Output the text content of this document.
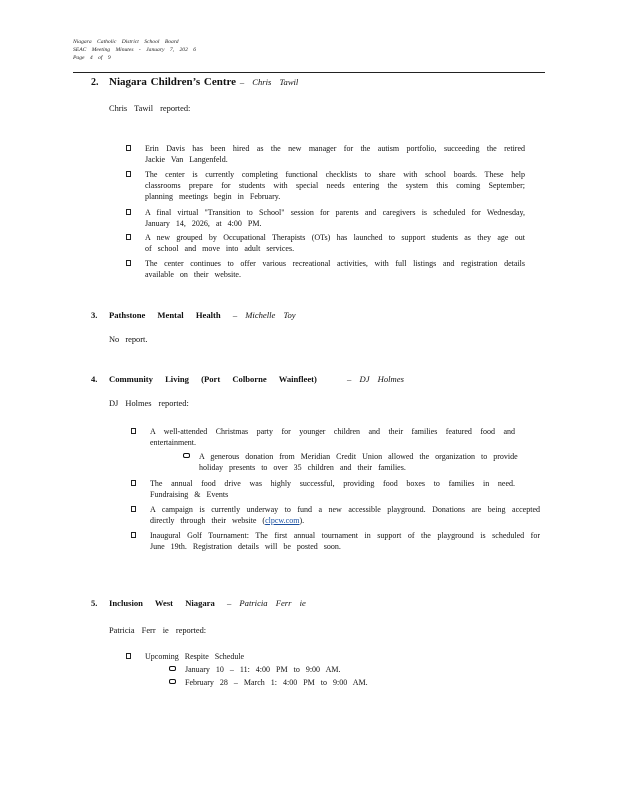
Niagara Catholic District School Board
SEAC Meeting Minutes - January 7, 202 6
Page 4 of 9
2. Niagara Children’s Centre – Chris Tawil
Chris Tawil reported:
Erin Davis has been hired as the new manager for the autism portfolio, succeeding the retired Jackie Van Langenfeld.
The center is currently completing functional checklists to share with school boards. These help classrooms prepare for students with special needs entering the system this coming September; planning meetings begin in February.
A final virtual "Transition to School" session for parents and caregivers is scheduled for Wednesday, January 14, 2026, at 4:00 PM.
A new grouped by Occupational Therapists (OTs) has launched to support students as they age out of school and move into adult services.
The center continues to offer various recreational activities, with full listings and registration details available on their website.
3. Pathstone Mental Health – Michelle Toy
No report.
4. Community Living (Port Colborne Wainfleet)	– DJ Holmes
DJ Holmes reported:
A well-attended Christmas party for younger children and their families featured food and entertainment.
A generous donation from Meridian Credit Union allowed the organization to provide holiday presents to over 35 children and their families.
The annual food drive was highly successful, providing food boxes to families in need. Fundraising & Events
A campaign is currently underway to fund a new accessible playground. Donations are being accepted directly through their website (clpcw.com).
Inaugural Golf Tournament: The first annual tournament in support of the playground is scheduled for June 19th. Registration details will be posted soon.
5. Inclusion West Niagara – Patricia Ferr ie
Patricia Ferr ie reported:
Upcoming Respite Schedule
January 10 – 11: 4:00 PM to 9:00 AM.
February 28 – March 1: 4:00 PM to 9:00 AM.
